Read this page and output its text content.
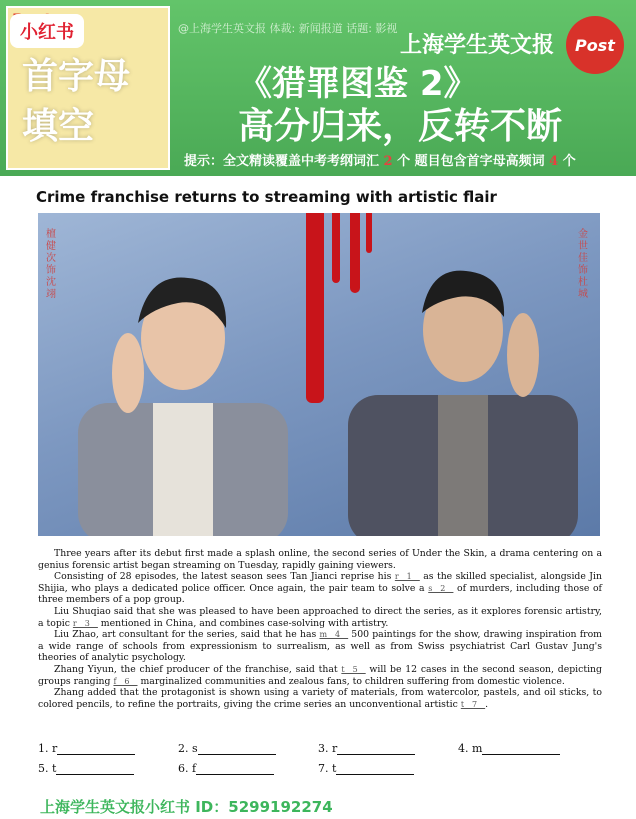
首字母
填空
小红书	@上海学生英文报 体裁: 新闻报道 话题: 影视
上海学生英文报	Post
《猎罪图鉴 2》
高分归来，反转不断
提示：全文精读覆盖中考考纲词汇 2 个 题目包含首字母高频词 4 个
Crime franchise returns to streaming with artistic flair
檀健次饰沈翊
金世佳饰杜城

Three years after its debut first made a splash online, the second series of Under the Skin, a drama centering on a genius forensic artist began streaming on Tuesday, rapidly gaining viewers.

Consisting of 28 episodes, the latest season sees Tan Jianci reprise his r__1__ as the skilled specialist, alongside Jin Shijia, who plays a dedicated police officer. Once again, the pair team to solve a s__2__ of murders, including those of three members of a pop group.

Liu Shuqiao said that she was pleased to have been approached to direct the series, as it explores forensic artistry, a topic r__3__ mentioned in China, and combines case-solving with artistry.

Liu Zhao, art consultant for the series, said that he has m__4__ 500 paintings for the show, drawing inspiration from a wide range of schools from expressionism to surrealism, as well as from Swiss psychiatrist Carl Gustav Jung's theories of analytic psychology.

Zhang Yiyun, the chief producer of the franchise, said that t__5__ will be 12 cases in the second season, depicting groups ranging f__6__ marginalized communities and zealous fans, to children suffering from domestic violence.

Zhang added that the protagonist is shown using a variety of materials, from watercolor, pastels, and oil sticks, to colored pencils, to refine the portraits, giving the crime series an unconventional artistic t__7__.

1. r	2. s	3. r	4. m
5. t	6. f	7. t
上海学生英文报小红书 ID：5299192274
